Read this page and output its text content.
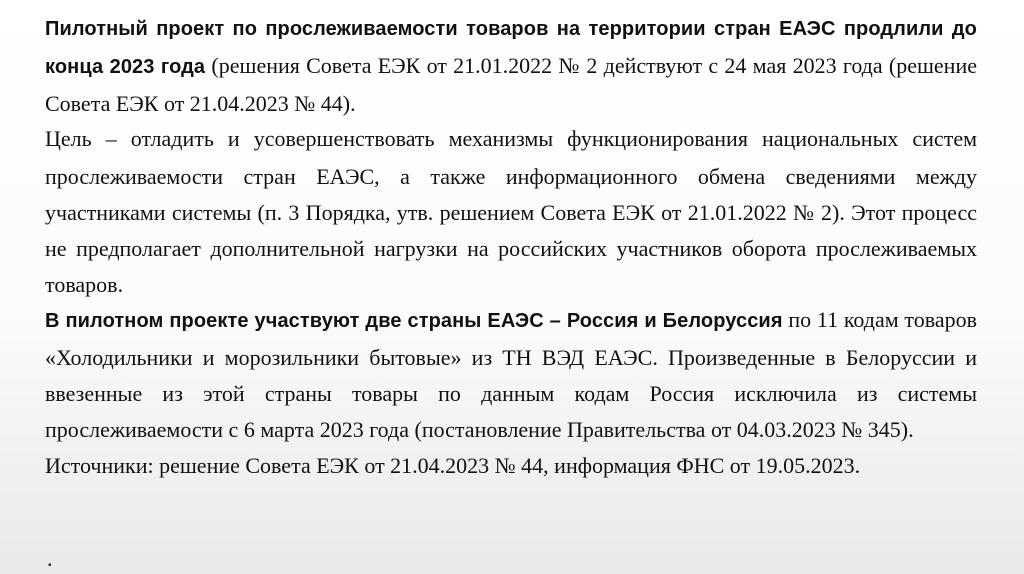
Пилотный проект по прослеживаемости товаров на территории стран ЕАЭС продлили до конца 2023 года (решения Совета ЕЭК от 21.01.2022 № 2 действуют с 24 мая 2023 года (решение Совета ЕЭК от 21.04.2023 № 44).

Цель – отладить и усовершенствовать механизмы функционирования национальных систем прослеживаемости стран ЕАЭС, а также информационного обмена сведениями между участниками системы (п. 3 Порядка, утв. решением Совета ЕЭК от 21.01.2022 № 2). Этот процесс не предполагает дополнительной нагрузки на российских участников оборота прослеживаемых товаров.

В пилотном проекте участвуют две страны ЕАЭС – Россия и Белоруссия по 11 кодам товаров «Холодильники и морозильники бытовые» из ТН ВЭД ЕАЭС. Произведенные в Белоруссии и ввезенные из этой страны товары по данным кодам Россия исключила из системы прослеживаемости с 6 марта 2023 года (постановление Правительства от 04.03.2023 № 345).

Источники: решение Совета ЕЭК от 21.04.2023 № 44, информация ФНС от 19.05.2023.

.
